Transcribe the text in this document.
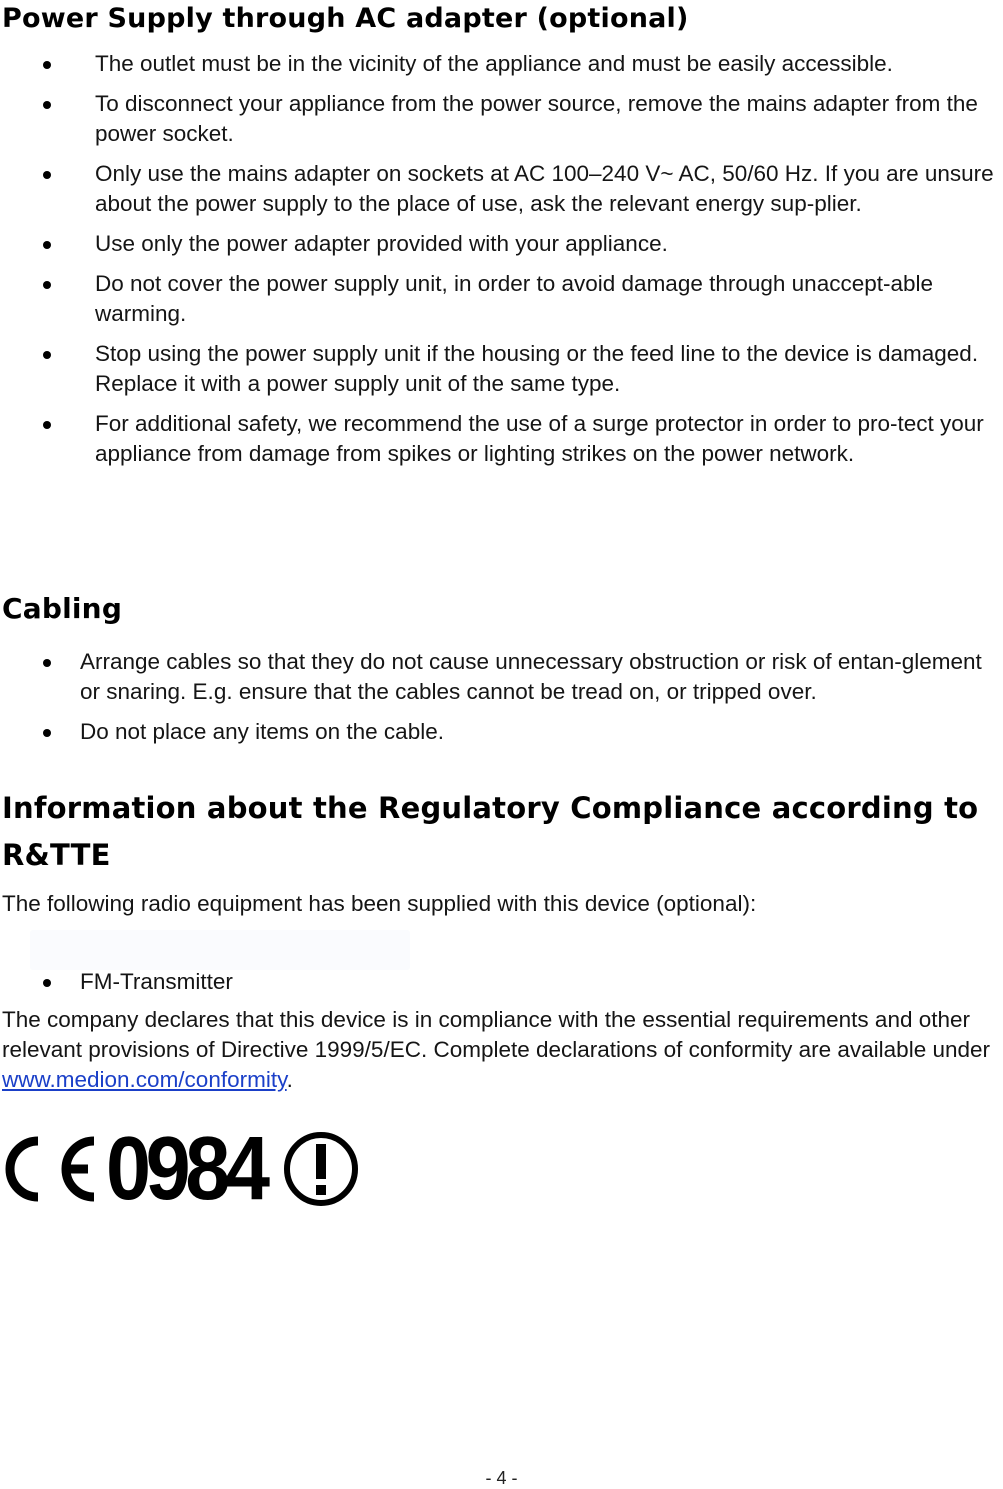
Power Supply through AC adapter (optional)
The outlet must be in the vicinity of the appliance and must be easily accessible.
To disconnect your appliance from the power source, remove the mains adapter from the power socket.
Only use the mains adapter on sockets at AC 100–240 V~ AC, 50/60 Hz. If you are unsure about the power supply to the place of use, ask the relevant energy sup-plier.
Use only the power adapter provided with your appliance.
Do not cover the power supply unit, in order to avoid damage through unaccept-able warming.
Stop using the power supply unit if the housing or the feed line to the device is damaged. Replace it with a power supply unit of the same type.
For additional safety, we recommend the use of a surge protector in order to pro-tect your appliance from damage from spikes or lighting strikes on the power network.
Cabling
Arrange cables so that they do not cause unnecessary obstruction or risk of entan-glement or snaring. E.g. ensure that the cables cannot be tread on, or tripped over.
Do not place any items on the cable.
Information about the Regulatory Compliance according to R&TTE

The following radio equipment has been supplied with this device (optional):

FM-Transmitter

The company declares that this device is in compliance with the essential requirements and other relevant provisions of Directive 1999/5/EC. Complete declarations of conformity are available under www.medion.com/conformity.

0984
- 4 -
